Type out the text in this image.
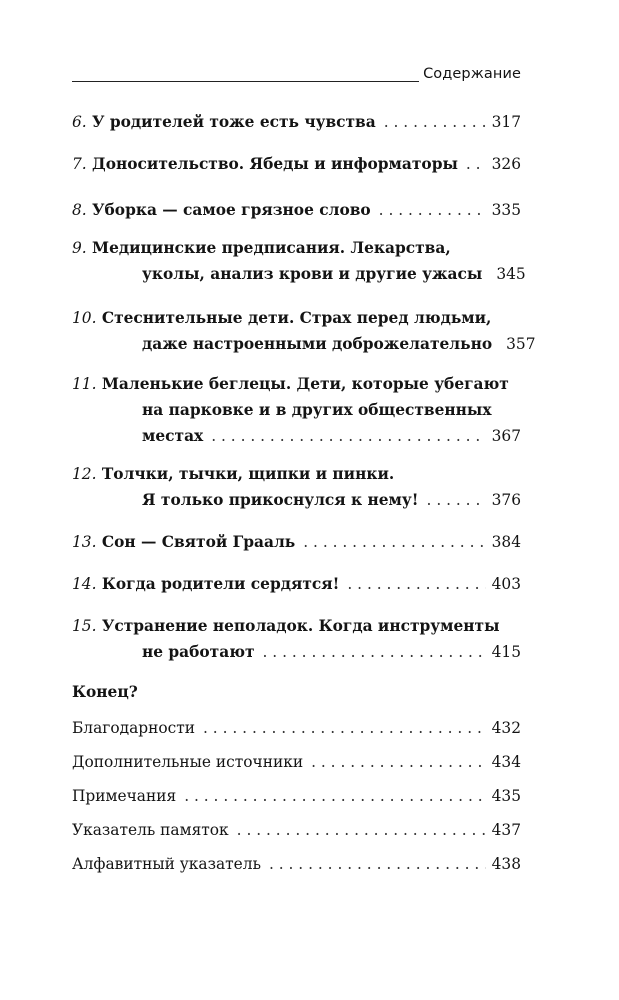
Содержание
6. У родителей тоже есть чувства . . .	317
7. Доносительство. Ябеды и информаторы . . . 326
8. Уборка — самое грязное слово . . .	335
9. Медицинские предписания. Лекарства,
уколы, анализ крови и другие ужасы 345
10. Стеснительные дети. Страх перед людьми,
даже настроенными доброжелательно 357
11. Маленькие беглецы. Дети, которые убегают
на парковке и в других общественных
местах . . .	367
12. Толчки, тычки, щипки и пинки.
Я только прикоснулся к нему! . . .	376
13. Сон — Святой Грааль . . .	384
14. Когда родители сердятся! . . .	403
15. Устранение неполадок. Когда инструменты
не работают . . .	415
Конец?
Благодарности . . .	432
Дополнительные источники . . .	434
Примечания . . .	435
Указатель памяток . . .	437
Алфавитный указатель . . .	438
